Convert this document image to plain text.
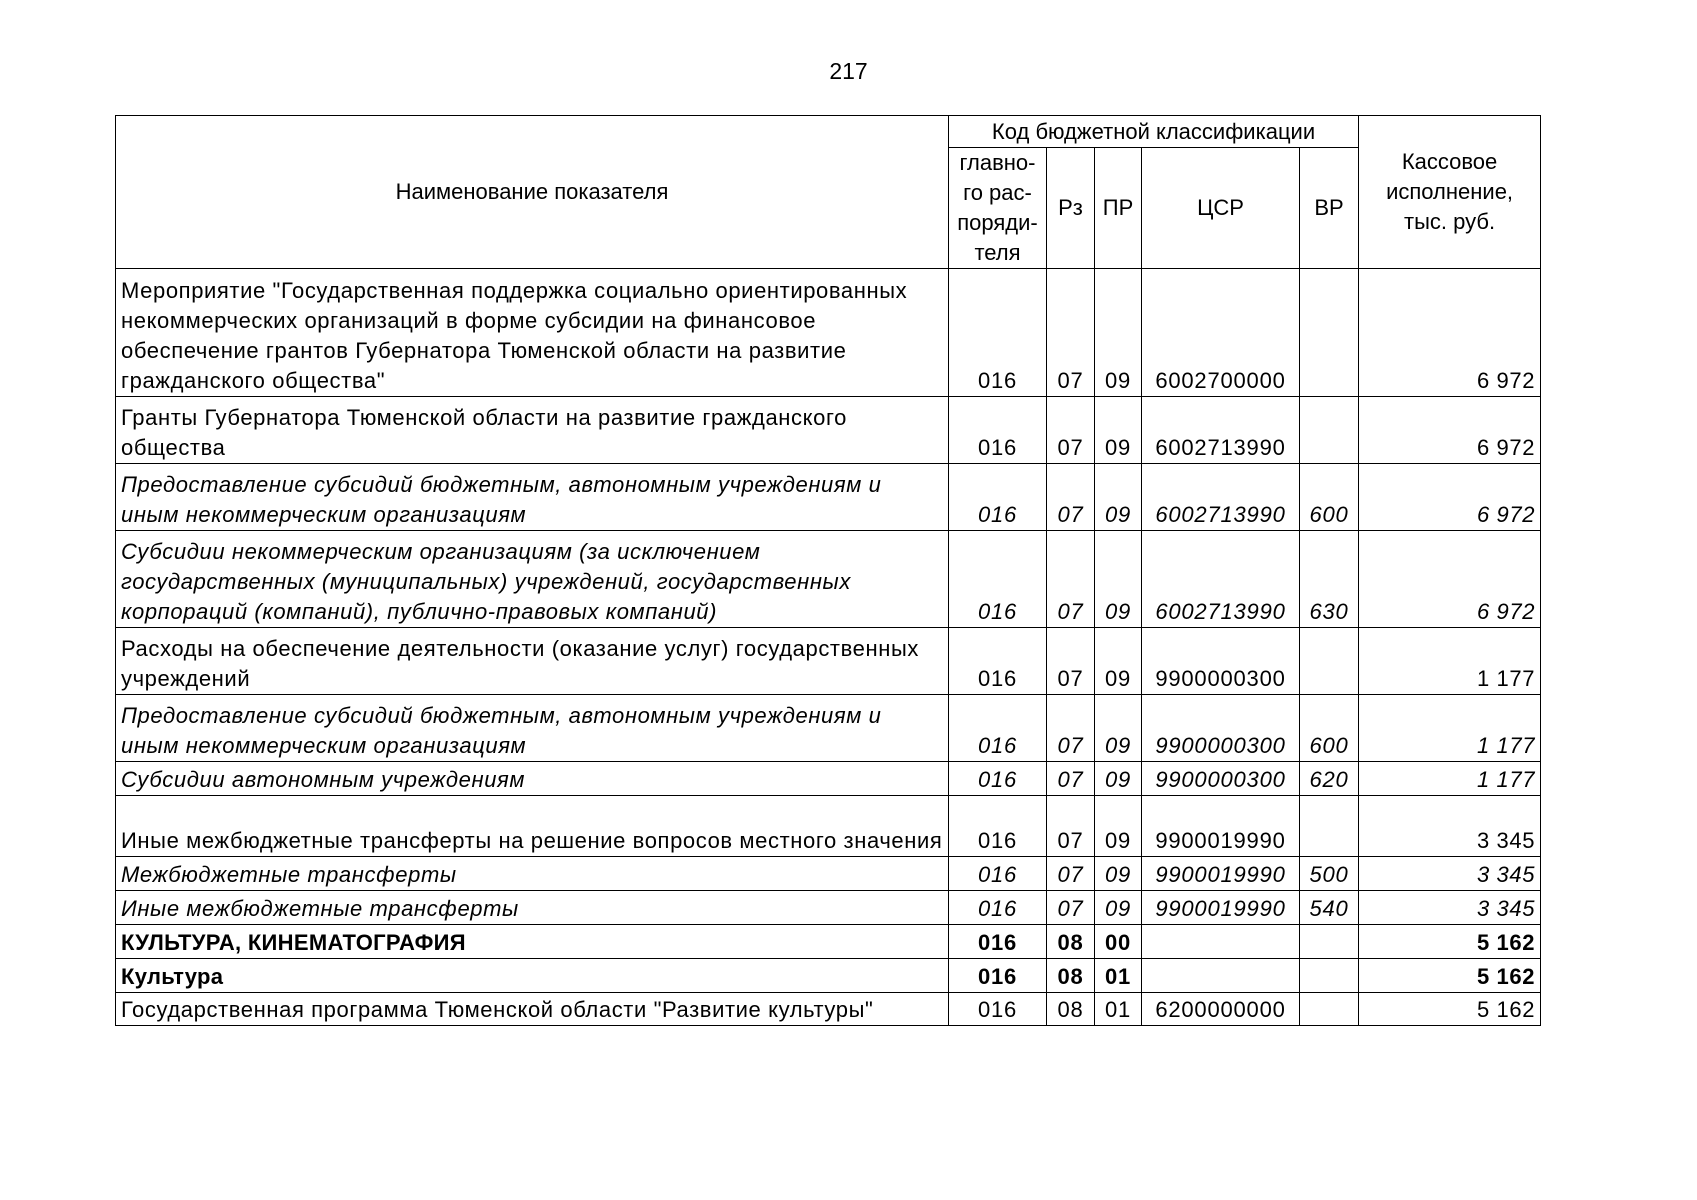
217
Наименование показателя	Код бюджетной классификации					Кассовое исполнение, тыс. руб.
	главно-го рас-поряди-теля	Рз	ПР	ЦСР	ВР	
Мероприятие "Государственная поддержка социально ориентированных некоммерческих организаций в форме субсидии на финансовое обеспечение грантов Губернатора Тюменской области на развитие гражданского общества"	016	07	09	6002700000		6 972
Гранты Губернатора Тюменской области на развитие гражданского общества	016	07	09	6002713990		6 972
Предоставление субсидий бюджетным, автономным учреждениям и иным некоммерческим организациям	016	07	09	6002713990	600	6 972
Субсидии некоммерческим организациям (за исключением государственных (муниципальных) учреждений, государственных корпораций (компаний), публично-правовых компаний)	016	07	09	6002713990	630	6 972
Расходы на обеспечение деятельности (оказание услуг) государственных учреждений	016	07	09	9900000300		1 177
Предоставление субсидий бюджетным, автономным учреждениям и иным некоммерческим организациям	016	07	09	9900000300	600	1 177
Субсидии автономным учреждениям	016	07	09	9900000300	620	1 177
Иные межбюджетные трансферты на решение вопросов местного значения	016	07	09	9900019990		3 345
Межбюджетные трансферты	016	07	09	9900019990	500	3 345
Иные межбюджетные трансферты	016	07	09	9900019990	540	3 345
КУЛЬТУРА, КИНЕМАТОГРАФИЯ	016	08	00			5 162
Культура	016	08	01			5 162
Государственная программа Тюменской области "Развитие культуры"	016	08	01	6200000000		5 162
